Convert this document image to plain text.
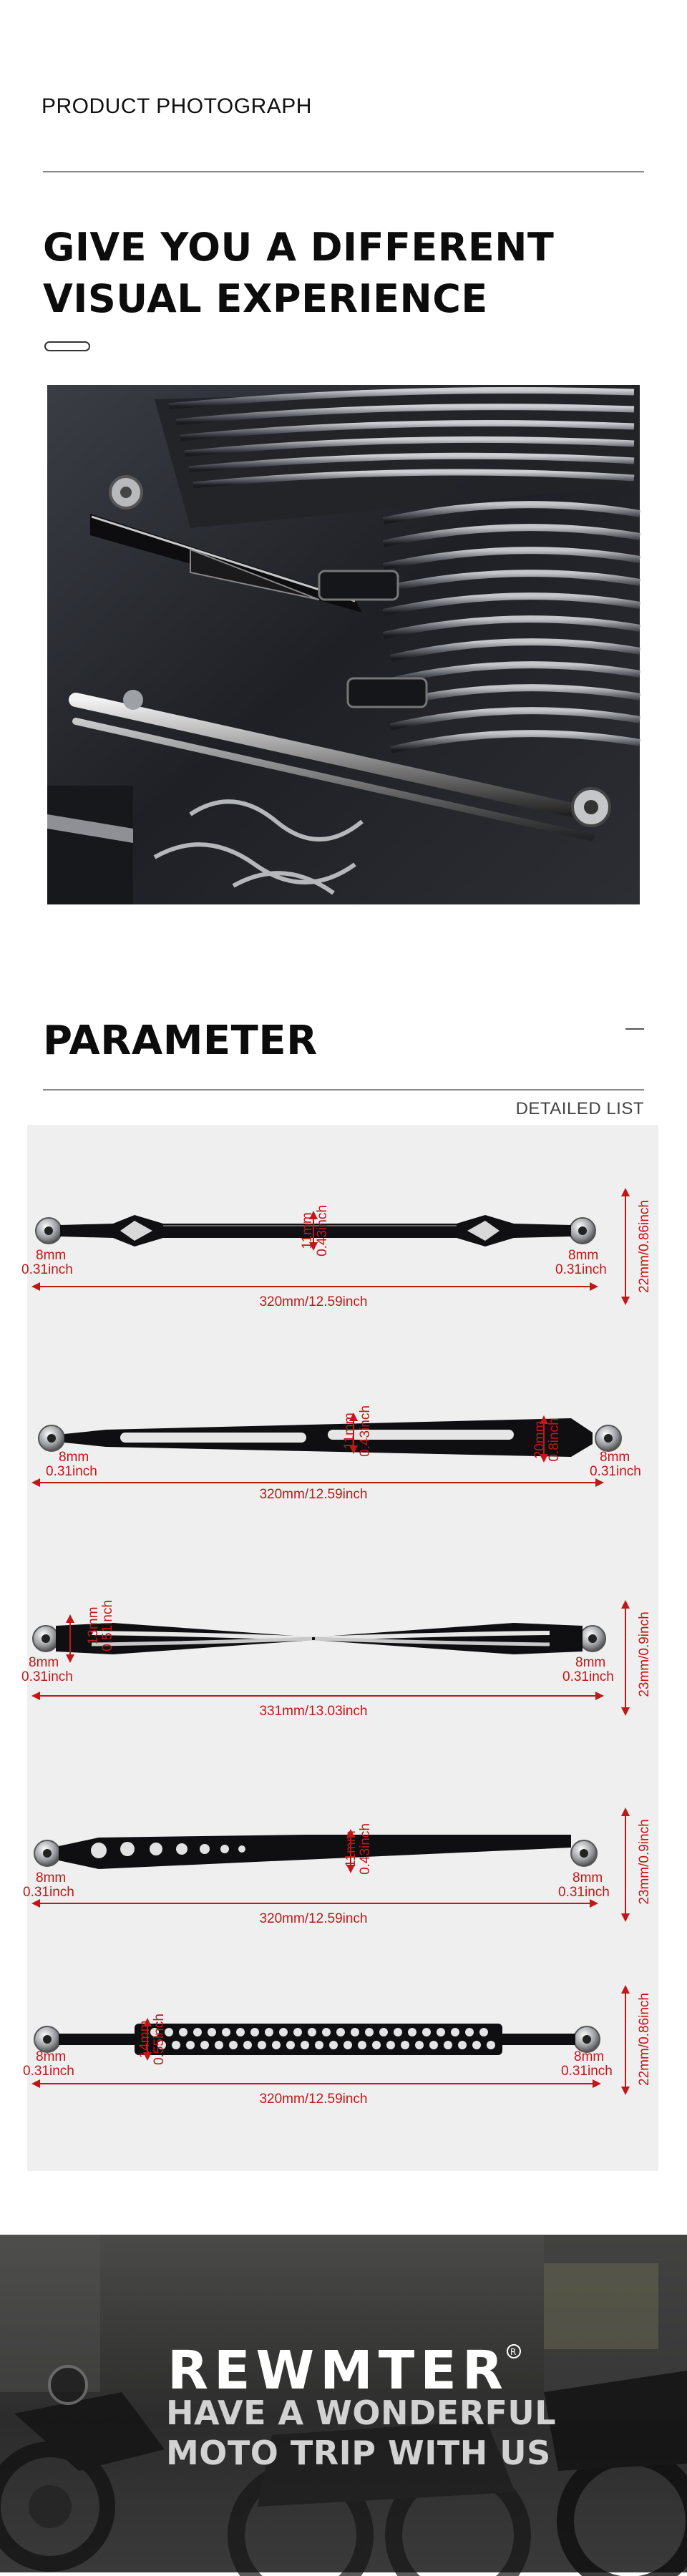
PRODUCT PHOTOGRAPH
GIVE YOU A DIFFERENT
VISUAL EXPERIENCE
PARAMETER
DETAILED LIST
8mm
0.31inch
8mm
0.31inch
320mm/12.59inch
22mm/0.86inch
11mm 0.43inch
8mm
0.31inch
8mm
0.31inch
320mm/12.59inch
11mm 0.43inch	20mm 0.8inch
8mm
0.31inch
8mm
0.31inch
331mm/13.03inch
23mm/0.9inch
13mm 0.51inch
8mm
0.31inch
8mm
0.31inch
320mm/12.59inch
23mm/0.9inch
11mm 0.43inch
8mm
0.31inch
8mm
0.31inch
320mm/12.59inch
22mm/0.86inch
14mm 0.55inch
REWMTER R
HAVE A WONDERFUL
MOTO TRIP WITH US
